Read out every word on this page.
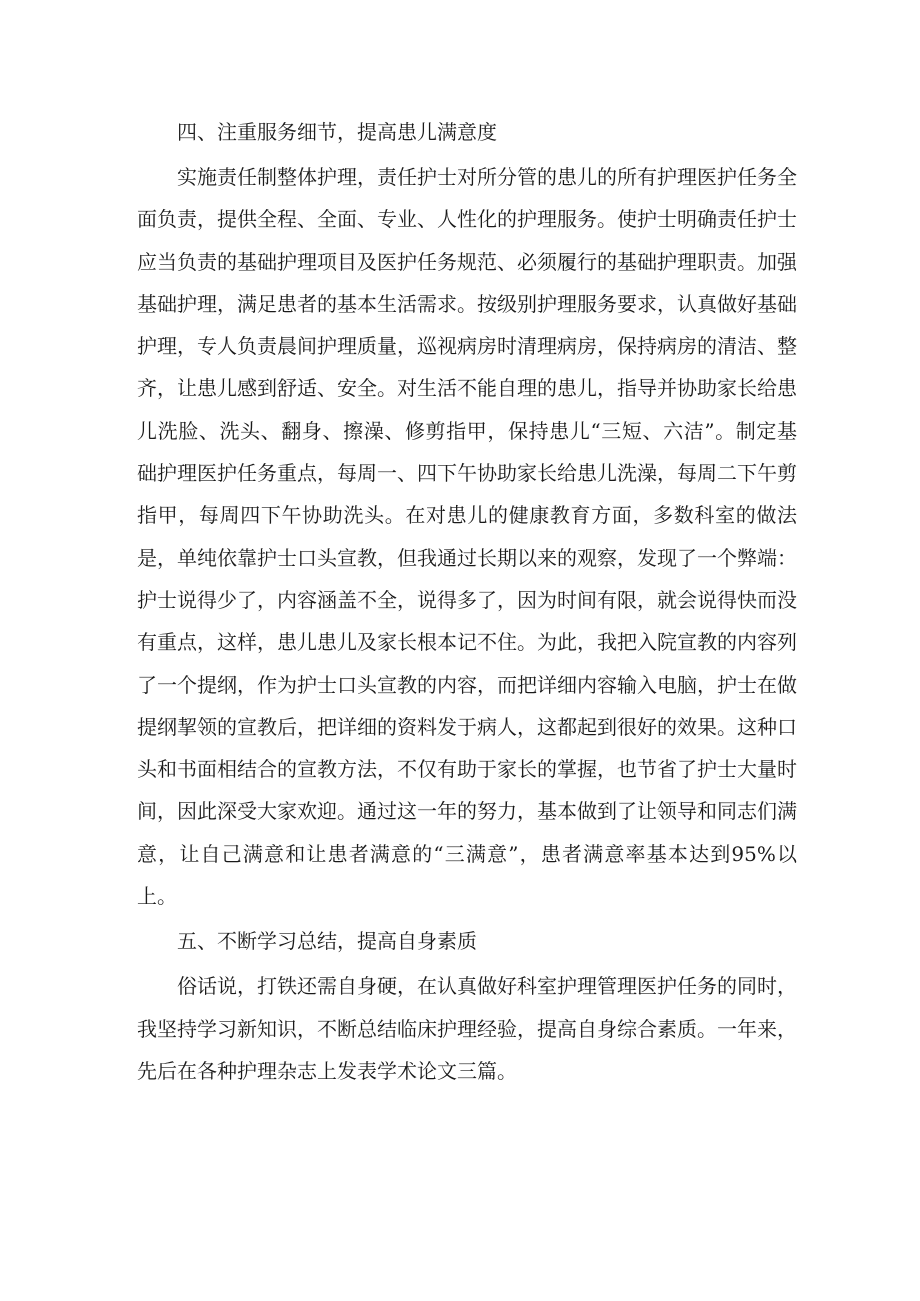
四、注重服务细节，提高患儿满意度

实施责任制整体护理，责任护士对所分管的患儿的所有护理医护任务全面负责，提供全程、全面、专业、人性化的护理服务。使护士明确责任护士应当负责的基础护理项目及医护任务规范、必须履行的基础护理职责。加强基础护理，满足患者的基本生活需求。按级别护理服务要求，认真做好基础护理，专人负责晨间护理质量，巡视病房时清理病房，保持病房的清洁、整齐，让患儿感到舒适、安全。对生活不能自理的患儿，指导并协助家长给患儿洗脸、洗头、翻身、擦澡、修剪指甲，保持患儿“三短、六洁”。制定基础护理医护任务重点，每周一、四下午协助家长给患儿洗澡，每周二下午剪指甲，每周四下午协助洗头。在对患儿的健康教育方面，多数科室的做法是，单纯依靠护士口头宣教，但我通过长期以来的观察，发现了一个弊端：护士说得少了，内容涵盖不全，说得多了，因为时间有限，就会说得快而没有重点，这样，患儿患儿及家长根本记不住。为此，我把入院宣教的内容列了一个提纲，作为护士口头宣教的内容，而把详细内容输入电脑，护士在做提纲挈领的宣教后，把详细的资料发于病人，这都起到很好的效果。这种口头和书面相结合的宣教方法，不仅有助于家长的掌握，也节省了护士大量时间，因此深受大家欢迎。通过这一年的努力，基本做到了让领导和同志们满意，让自己满意和让患者满意的“三满意”，患者满意率基本达到95%以上。

五、不断学习总结，提高自身素质

俗话说，打铁还需自身硬，在认真做好科室护理管理医护任务的同时，我坚持学习新知识，不断总结临床护理经验，提高自身综合素质。一年来，先后在各种护理杂志上发表学术论文三篇。
